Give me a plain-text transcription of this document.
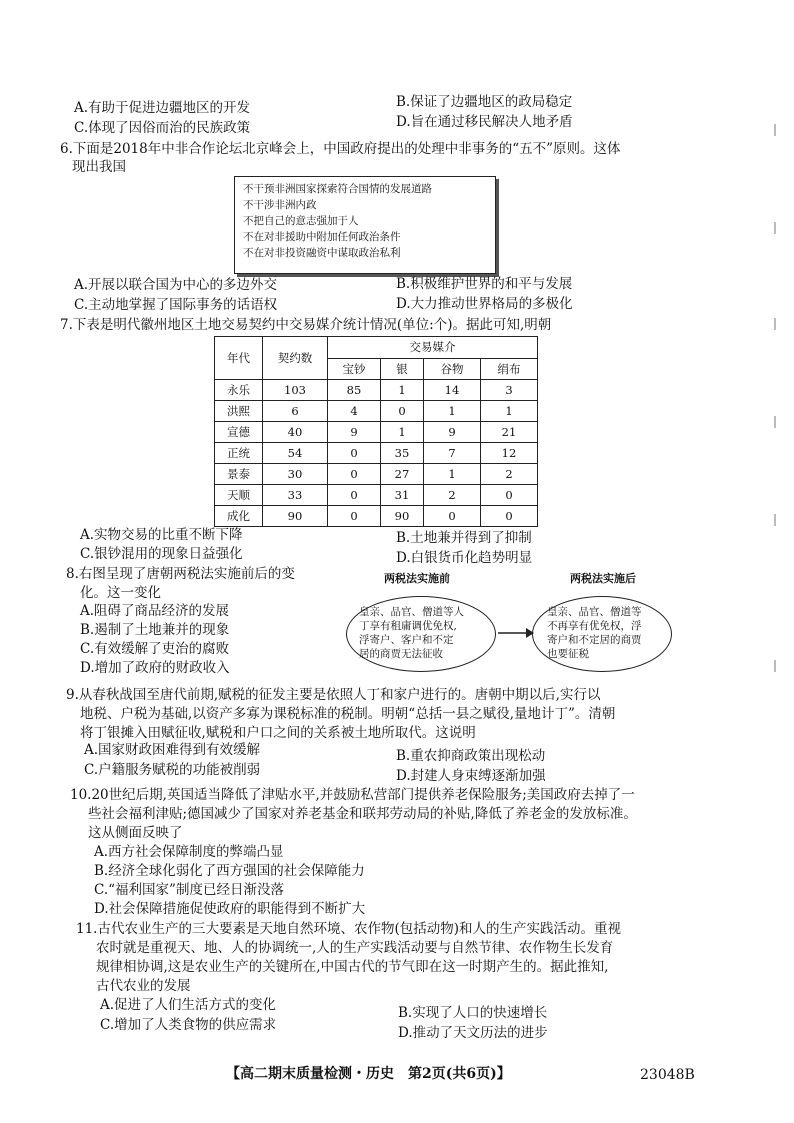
A.有助于促进边疆地区的开发	B.保证了边疆地区的政局稳定
C.体现了因俗而治的民族政策	D.旨在通过移民解决人地矛盾
6.下面是2018年中非合作论坛北京峰会上，中国政府提出的处理中非事务的“五不”原则。这体
现出我国
不干预非洲国家探索符合国情的发展道路
不干涉非洲内政
不把自己的意志强加于人
不在对非援助中附加任何政治条件
不在对非投资融资中谋取政治私利
A.开展以联合国为中心的多边外交	B.积极维护世界的和平与发展
C.主动地掌握了国际事务的话语权	D.大力推动世界格局的多极化
7.下表是明代徽州地区土地交易契约中交易媒介统计情况(单位:个)。据此可知,明朝
年代	契约数	交易媒介			
		宝钞	银	谷物	绢布
永乐	103	85	1	14	3
洪熙	6	4	0	1	1
宣德	40	9	1	9	21
正统	54	0	35	7	12
景泰	30	0	27	1	2
天顺	33	0	31	2	0
成化	90	0	90	0	0
A.实物交易的比重不断下降	B.土地兼并得到了抑制
C.银钞混用的现象日益强化	D.白银货币化趋势明显
8.右图呈现了唐朝两税法实施前后的变
化。这一变化
A.阻碍了商品经济的发展
B.遏制了土地兼并的现象
C.有效缓解了吏治的腐败
D.增加了政府的财政收入
两税法实施前	两税法实施后
皇亲、品官、僧道等人
丁享有租庸调优免权,
浮寄户、客户和不定
居的商贾无法征收
皇亲、品官、僧道等
不再享有优免权，浮
寄户和不定居的商贾
也要征税
9.从春秋战国至唐代前期,赋税的征发主要是依照人丁和家户进行的。唐朝中期以后,实行以
地税、户税为基础,以资产多寡为课税标准的税制。明朝“总括一县之赋役,量地计丁”。清朝
将丁银摊入田赋征收,赋税和户口之间的关系被土地所取代。这说明
A.国家财政困难得到有效缓解	B.重农抑商政策出现松动
C.户籍服务赋税的功能被削弱	D.封建人身束缚逐渐加强
10.20世纪后期,英国适当降低了津贴水平,并鼓励私营部门提供养老保险服务;美国政府去掉了一
些社会福利津贴;德国减少了国家对养老基金和联邦劳动局的补贴,降低了养老金的发放标准。
这从侧面反映了
A.西方社会保障制度的弊端凸显
B.经济全球化弱化了西方强国的社会保障能力
C.“福利国家”制度已经日渐没落
D.社会保障措施促使政府的职能得到不断扩大
11.古代农业生产的三大要素是天地自然环境、农作物(包括动物)和人的生产实践活动。重视
农时就是重视天、地、人的协调统一,人的生产实践活动要与自然节律、农作物生长发育
规律相协调,这是农业生产的关键所在,中国古代的节气即在这一时期产生的。据此推知,
古代农业的发展
A.促进了人们生活方式的变化	B.实现了人口的快速增长
C.增加了人类食物的供应需求	D.推动了天文历法的进步
【高二期末质量检测・历史　第2页(共6页)】	23048B
